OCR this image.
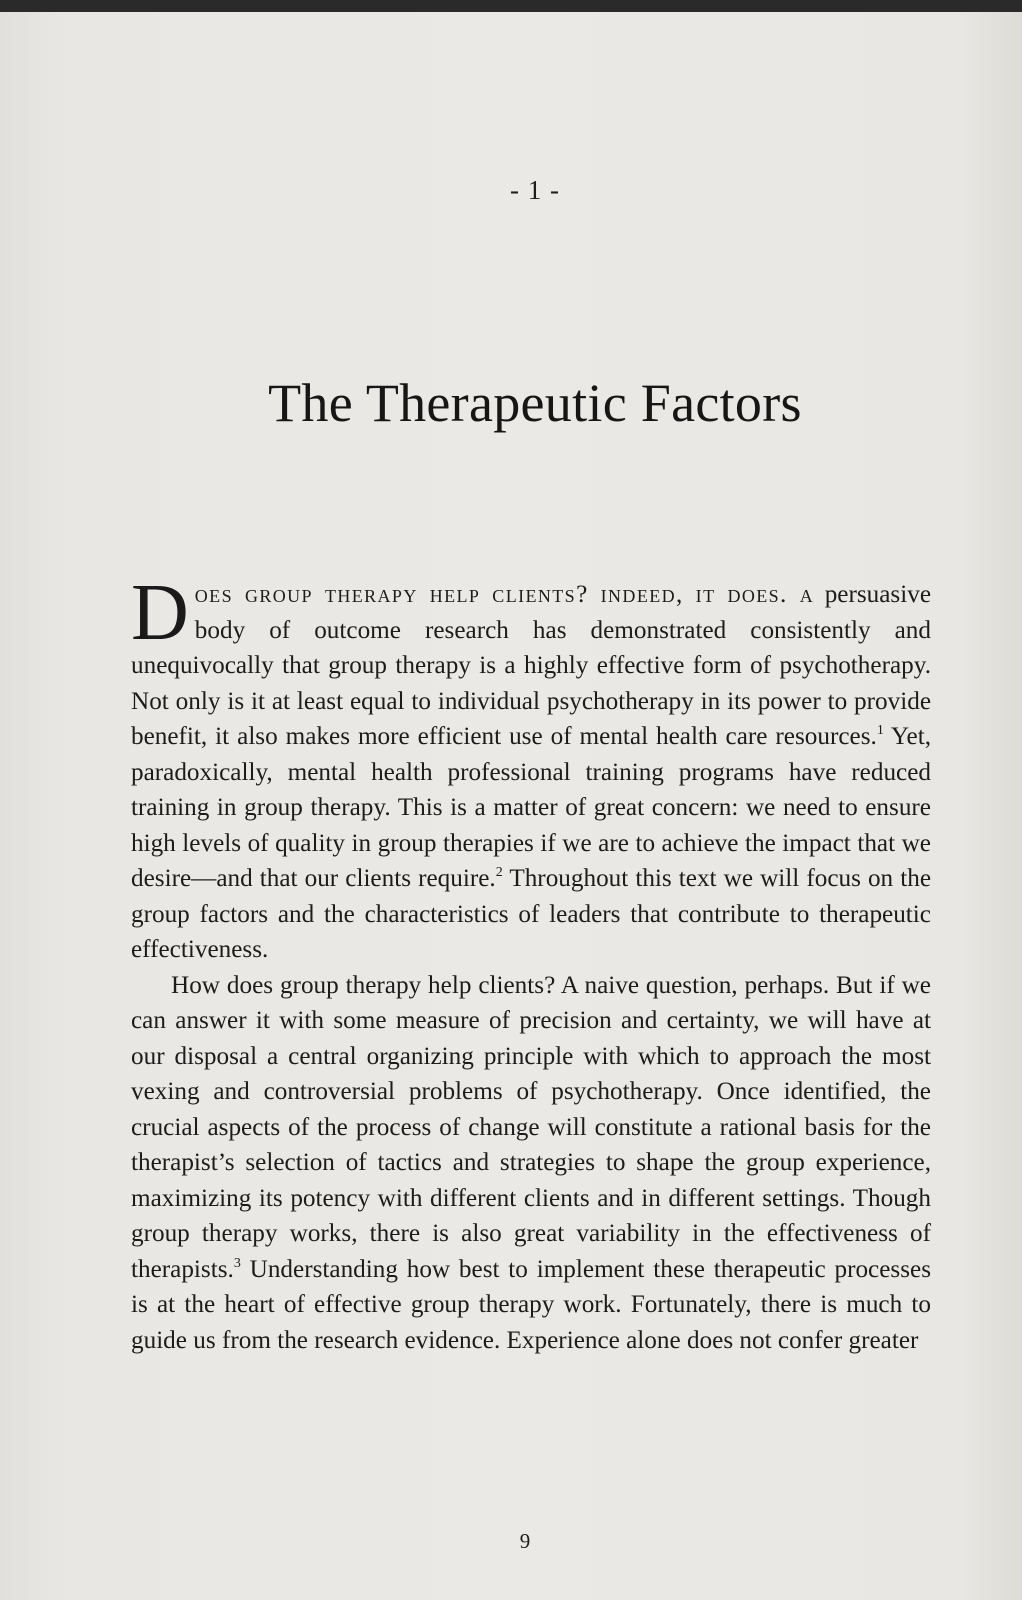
- 1 -
The Therapeutic Factors

Does group therapy help clients? indeed, it does. a persuasive body of outcome research has demonstrated consistently and unequivocally that group therapy is a highly effective form of psychotherapy. Not only is it at least equal to individual psychotherapy in its power to provide benefit, it also makes more efficient use of mental health care resources.$^1$ Yet, paradoxically, mental health professional training programs have reduced training in group therapy. This is a matter of great concern: we need to ensure high levels of quality in group therapies if we are to achieve the impact that we desire—and that our clients require.$^2$ Throughout this text we will focus on the group factors and the characteristics of leaders that contribute to therapeutic effectiveness.

How does group therapy help clients? A naive question, perhaps. But if we can answer it with some measure of precision and certainty, we will have at our disposal a central organizing principle with which to approach the most vexing and controversial problems of psychotherapy. Once identified, the crucial aspects of the process of change will constitute a rational basis for the therapist’s selection of tactics and strategies to shape the group experience, maximizing its potency with different clients and in different settings. Though group therapy works, there is also great variability in the effectiveness of therapists.$^3$ Understanding how best to implement these therapeutic processes is at the heart of effective group therapy work. Fortunately, there is much to guide us from the research evidence. Experience alone does not confer greater

9
